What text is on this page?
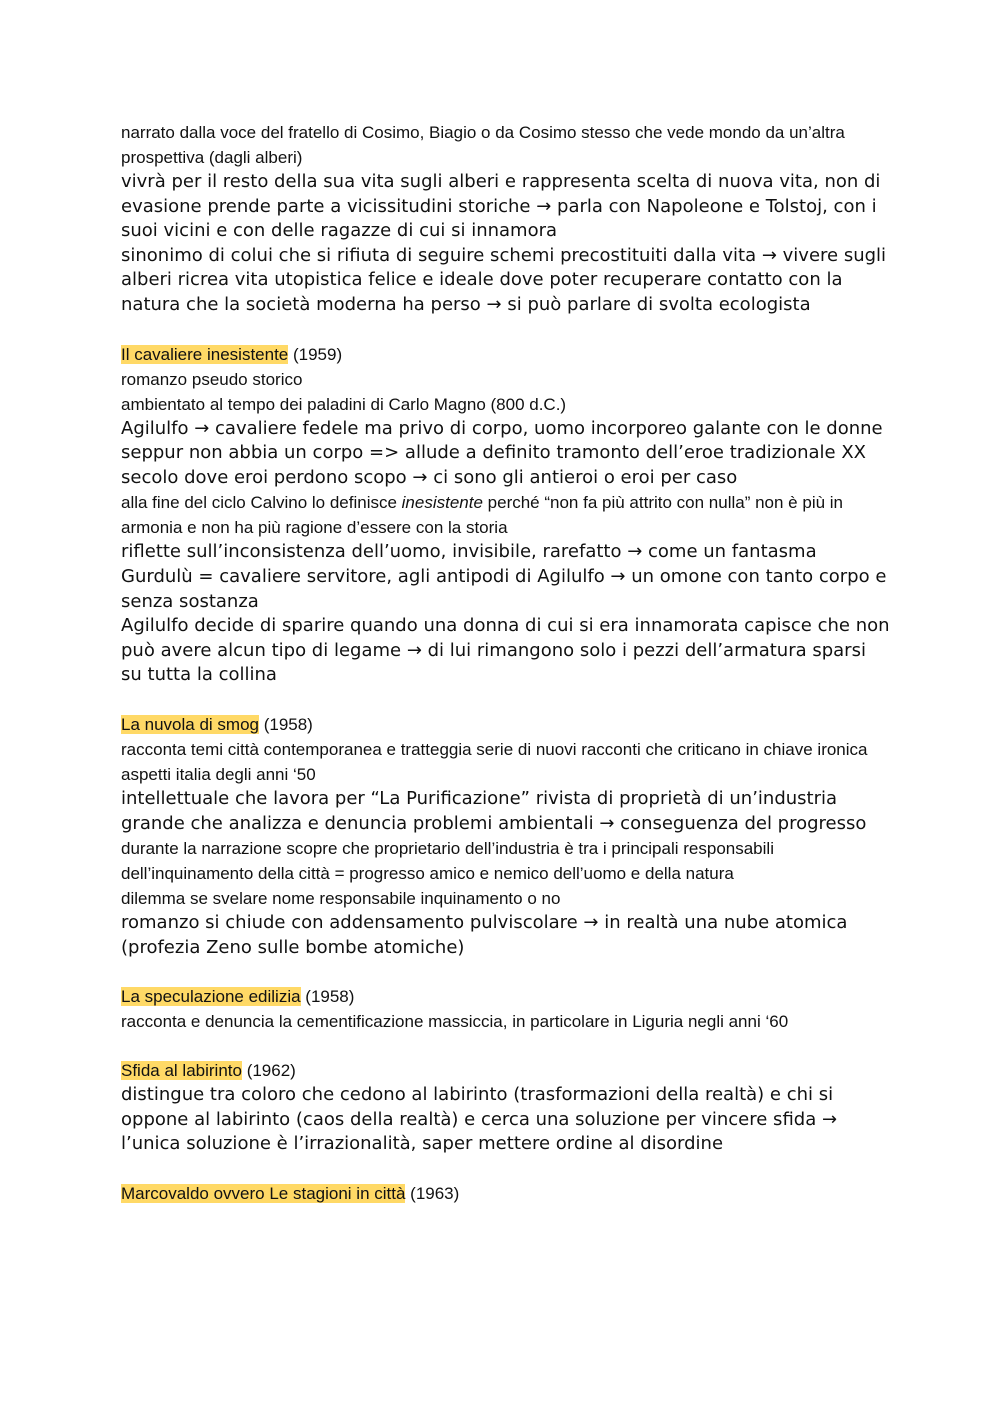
narrato dalla voce del fratello di Cosimo, Biagio o da Cosimo stesso che vede mondo da un’altra prospettiva (dagli alberi)

vivrà per il resto della sua vita sugli alberi e rappresenta scelta di nuova vita, non di evasione prende parte a vicissitudini storiche → parla con Napoleone e Tolstoj, con i suoi vicini e con delle ragazze di cui si innamora

sinonimo di colui che si rifiuta di seguire schemi precostituiti dalla vita → vivere sugli alberi ricrea vita utopistica felice e ideale dove poter recuperare contatto con la natura che la società moderna ha perso → si può parlare di svolta ecologista

Il cavaliere inesistente (1959)

romanzo pseudo storico

ambientato al tempo dei paladini di Carlo Magno (800 d.C.)

Agilulfo → cavaliere fedele ma privo di corpo, uomo incorporeo galante con le donne seppur non abbia un corpo => allude a definito tramonto dell’eroe tradizionale XX secolo dove eroi perdono scopo → ci sono gli antieroi o eroi per caso

alla fine del ciclo Calvino lo definisce inesistente perché “non fa più attrito con nulla” non è più in armonia e non ha più ragione d’essere con la storia

riflette sull’inconsistenza dell’uomo, invisibile, rarefatto → come un fantasma

Gurdulù = cavaliere servitore, agli antipodi di Agilulfo → un omone con tanto corpo e senza sostanza

Agilulfo decide di sparire quando una donna di cui si era innamorata capisce che non può avere alcun tipo di legame → di lui rimangono solo i pezzi dell’armatura sparsi su tutta la collina

La nuvola di smog (1958)

racconta temi città contemporanea e tratteggia serie di nuovi racconti che criticano in chiave ironica aspetti italia degli anni ‘50

intellettuale che lavora per “La Purificazione” rivista di proprietà di un’industria grande che analizza e denuncia problemi ambientali → conseguenza del progresso

durante la narrazione scopre che proprietario dell’industria è tra i principali responsabili dell’inquinamento della città = progresso amico e nemico dell’uomo e della natura

dilemma se svelare nome responsabile inquinamento o no

romanzo si chiude con addensamento pulviscolare → in realtà una nube atomica (profezia Zeno sulle bombe atomiche)

La speculazione edilizia (1958)

racconta e denuncia la cementificazione massiccia, in particolare in Liguria negli anni ‘60

Sfida al labirinto (1962)

distingue tra coloro che cedono al labirinto (trasformazioni della realtà) e chi si oppone al labirinto (caos della realtà) e cerca una soluzione per vincere sfida → l’unica soluzione è l’irrazionalità, saper mettere ordine al disordine

Marcovaldo ovvero Le stagioni in città (1963)
